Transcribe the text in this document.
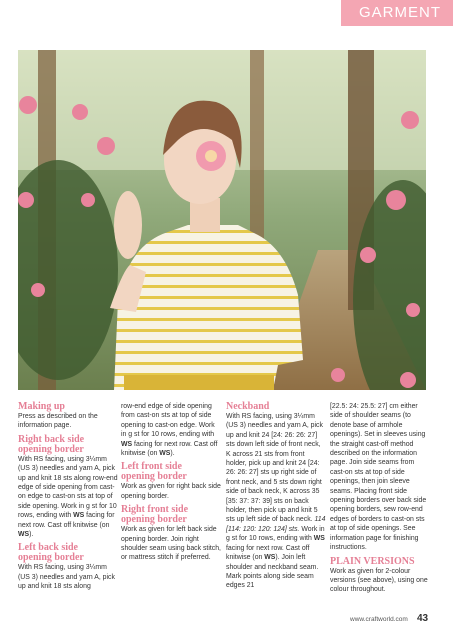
GARMENT
Making up

Press as described on the information page.

Right back side
opening border

With RS facing, using 3¼mm (US 3) needles and yarn A, pick up and knit 18 sts along row-end edge of side opening from cast-on edge to cast-on sts at top of side opening. Work in g st for 10 rows, ending with WS facing for next row. Cast off knitwise (on WS).

Left back side
opening border

With RS facing, using 3¼mm (US 3) needles and yarn A, pick up and knit 18 sts along

row-end edge of side opening from cast-on sts at top of side opening to cast-on edge. Work in g st for 10 rows, ending with WS facing for next row. Cast off knitwise (on WS).

Left front side
opening border

Work as given for right back side opening border.

Right front side
opening border

Work as given for left back side opening border. Join right shoulder seam using back stitch, or mattress stitch if preferred.

Neckband

With RS facing, using 3¼mm (US 3) needles and yarn A, pick up and knit 24 [24: 26: 26: 27] sts down left side of front neck, K across 21 sts from front holder, pick up and knit 24 [24: 26: 26: 27] sts up right side of front neck, and 5 sts down right side of back neck, K across 35 [35: 37: 37: 39] sts on back holder, then pick up and knit 5 sts up left side of back neck. 114 [114: 120: 120: 124] sts. Work in g st for 10 rows, ending with WS facing for next row. Cast off knitwise (on WS). Join left shoulder and neckband seam. Mark points along side seam edges 21

[22.5: 24: 25.5: 27] cm either side of shoulder seams (to denote base of armhole openings). Set in sleeves using the straight cast-off method described on the information page. Join side seams from cast-on sts at top of side openings, then join sleeve seams. Placing front side opening borders over back side opening borders, sew row-end edges of borders to cast-on sts at top of side openings. See information page for finishing instructions.

PLAIN VERSIONS

Work as given for 2-colour versions (see above), using one colour throughout.

www.craftworld.com 43
